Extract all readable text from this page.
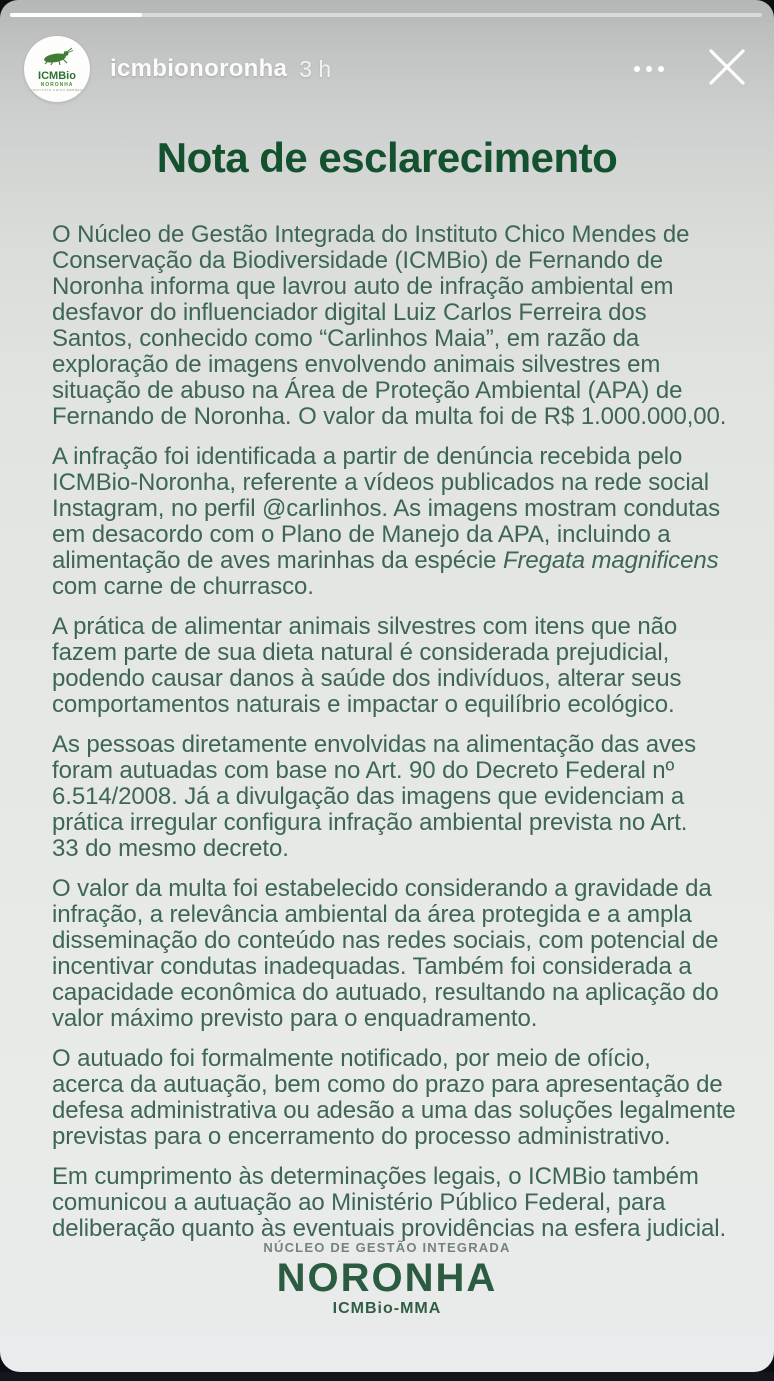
ICMBio
NORONHA
INSTITUTO CHICO MENDES
icmbionoronha 3 h
Nota de esclarecimento

O Núcleo de Gestão Integrada do Instituto Chico Mendes de
Conservação da Biodiversidade (ICMBio) de Fernando de
Noronha informa que lavrou auto de infração ambiental em
desfavor do influenciador digital Luiz Carlos Ferreira dos
Santos, conhecido como “Carlinhos Maia”, em razão da
exploração de imagens envolvendo animais silvestres em
situação de abuso na Área de Proteção Ambiental (APA) de
Fernando de Noronha. O valor da multa foi de R$ 1.000.000,00.

A infração foi identificada a partir de denúncia recebida pelo
ICMBio-Noronha, referente a vídeos publicados na rede social
Instagram, no perfil @carlinhos. As imagens mostram condutas
em desacordo com o Plano de Manejo da APA, incluindo a
alimentação de aves marinhas da espécie Fregata magnificens
com carne de churrasco.

A prática de alimentar animais silvestres com itens que não
fazem parte de sua dieta natural é considerada prejudicial,
podendo causar danos à saúde dos indivíduos, alterar seus
comportamentos naturais e impactar o equilíbrio ecológico.

As pessoas diretamente envolvidas na alimentação das aves
foram autuadas com base no Art. 90 do Decreto Federal nº
6.514/2008. Já a divulgação das imagens que evidenciam a
prática irregular configura infração ambiental prevista no Art.
33 do mesmo decreto.

O valor da multa foi estabelecido considerando a gravidade da
infração, a relevância ambiental da área protegida e a ampla
disseminação do conteúdo nas redes sociais, com potencial de
incentivar condutas inadequadas. Também foi considerada a
capacidade econômica do autuado, resultando na aplicação do
valor máximo previsto para o enquadramento.

O autuado foi formalmente notificado, por meio de ofício,
acerca da autuação, bem como do prazo para apresentação de
defesa administrativa ou adesão a uma das soluções legalmente
previstas para o encerramento do processo administrativo.

Em cumprimento às determinações legais, o ICMBio também
comunicou a autuação ao Ministério Público Federal, para
deliberação quanto às eventuais providências na esfera judicial.

NÚCLEO DE GESTÃO INTEGRADA
NORONHA
ICMBio-MMA
